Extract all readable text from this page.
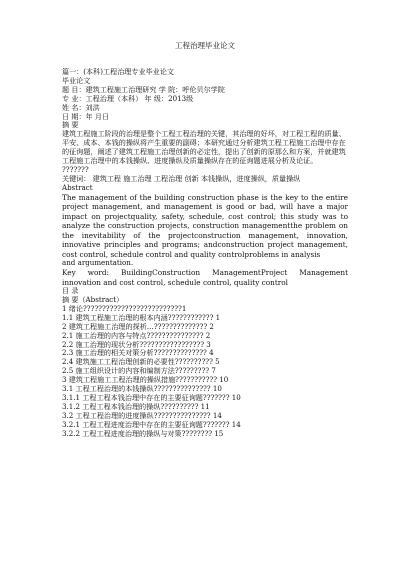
工程治理毕业论文
篇一：(本科)工程治理专业毕业论文
毕业论文
题 目：建筑工程施工治理研究 学 院：呼伦贝尔学院
专 业：工程治理（本科） 年 级：2013级
姓 名：刘洪
日 期：年 月日
摘 要
建筑工程施工阶段的治理是整个工程工程治理的关键，其治理的好坏，对工程工程的质量、平安、成本、本钱的操纵将产生重要的副碍；本研究通过分析建筑工程工程施工治理中存在的征询题，阐述了建筑工程施工治理创新的必定性，提出了创新的原那么和方案，并就建筑工程施工治理中的本钱操纵、进度操纵及质量操纵存在的征询题进展分析及论证。
???????
关键词： 建筑工程 施工治理 工程治理 创新 本钱操纵，进度操纵，质量操纵
Abstract
The management of the building construction phase is the key to the entire project management, and management is good or bad, will have a major impact on projectquality, safety, schedule, cost control; this study was to analyze the construction projects, construction managementthe problem on the inevitability of the projectconstruction management, innovation, innovative principles and programs; andconstruction project management, cost control, schedule control and quality controlproblems in analysis
and argumentation.
Key word: BuildingConstruction ManagementProject Management innovation and cost control, schedule control, quality control
目 录
摘 要（Abstract）
1 绪论??????????????????????????1
1.1 建筑工程施工治理的根本内涵???????????? 1
2 建筑工程施工治理的探析…?????????????? 2
2.1 施工治理的内容与特点??????????????? 2
2.2 施工治理的现状分析????????????????? 3
2.3 施工治理的相关对策分析?????????????? 4
2.4 建筑施工工程治理创新的必要性?????????? 5
2.5 施工组织设计的内容和编制方法????????? 7
3 建筑工程施工工程治理的操纵措施??????????? 10
3.1 工程工程治理的本钱操纵??????????????? 10
3.1.1 工程工程本钱治理中存在的主要征询题??????? 10
3.1.2 工程工程本钱治理的操纵?????????? 11
3.2 工程工程治理的进度操纵??????????????? 14
3.2.1 工程工程进度治理中存在的主要征询题??????? 14
3.2.2 工程工程进度治理的操纵与对策???????? 15
